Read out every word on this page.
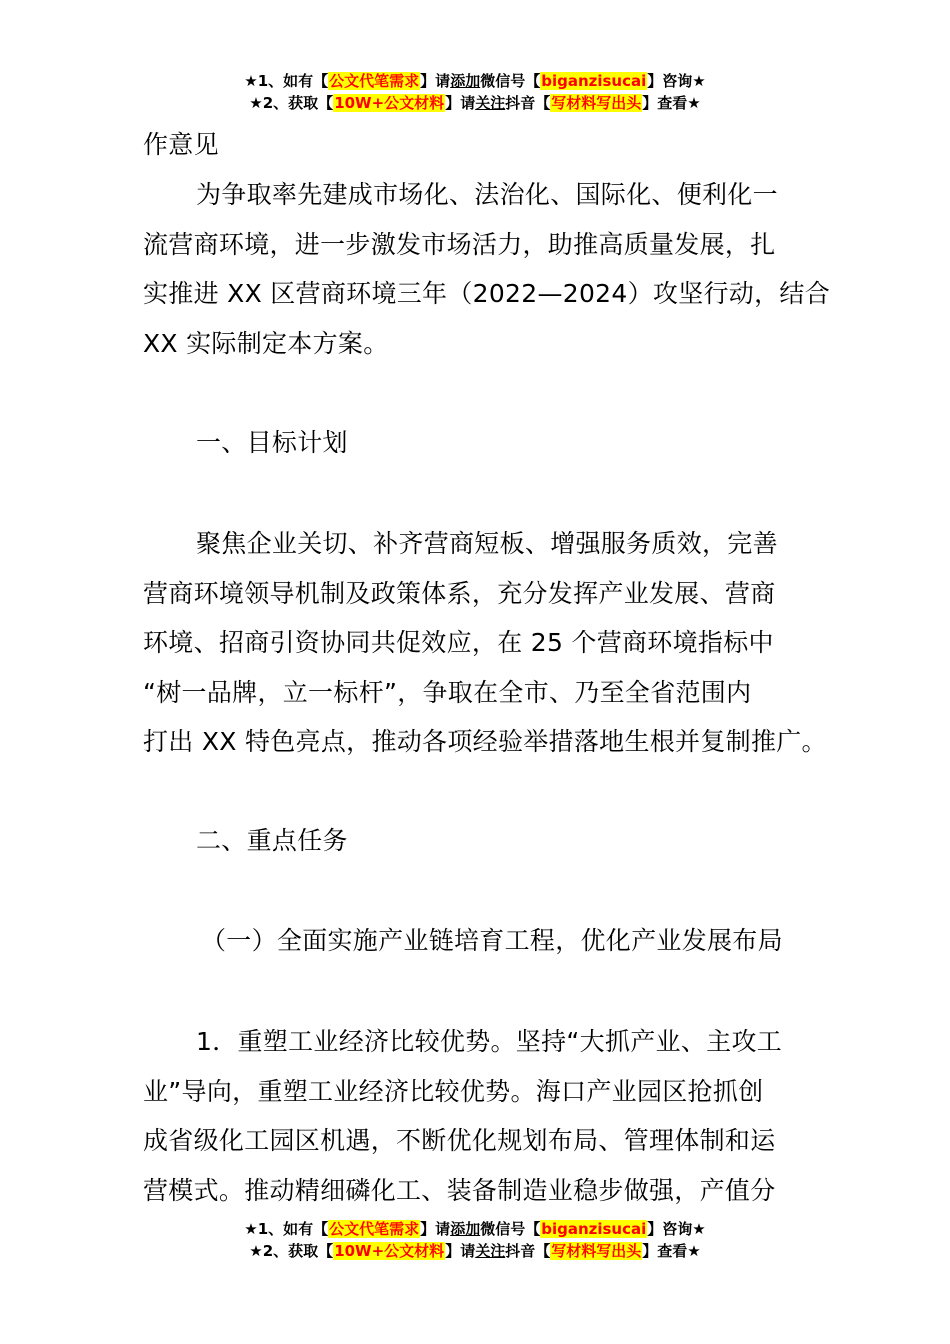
★1、如有【公文代笔需求】请添加微信号【biganzisucai】咨询★
★2、获取【10W+公文材料】请关注抖音【写材料写出头】查看★

作意见

为争取率先建成市场化、法治化、国际化、便利化一

流营商环境，进一步激发市场活力，助推高质量发展，扎

实推进 XX 区营商环境三年（2022—2024）攻坚行动，结合

XX 实际制定本方案。

一、目标计划

聚焦企业关切、补齐营商短板、增强服务质效，完善

营商环境领导机制及政策体系，充分发挥产业发展、营商

环境、招商引资协同共促效应，在 25 个营商环境指标中

“树一品牌，立一标杆”，争取在全市、乃至全省范围内

打出 XX 特色亮点，推动各项经验举措落地生根并复制推广。

二、重点任务

（一）全面实施产业链培育工程，优化产业发展布局

1．重塑工业经济比较优势。坚持“大抓产业、主攻工

业”导向，重塑工业经济比较优势。海口产业园区抢抓创

成省级化工园区机遇，不断优化规划布局、管理体制和运

营模式。推动精细磷化工、装备制造业稳步做强，产值分

★1、如有【公文代笔需求】请添加微信号【biganzisucai】咨询★
★2、获取【10W+公文材料】请关注抖音【写材料写出头】查看★
